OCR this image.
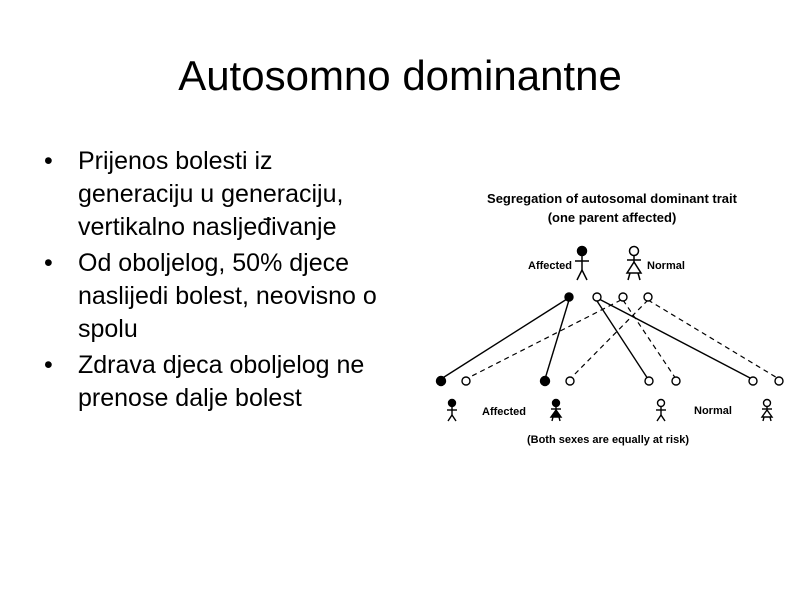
Autosomno dominantne
• Prijenos bolesti iz generaciju u generaciju, vertikalno nasljeđivanje
• Od oboljelog, 50% djece naslijedi bolest, neovisno o spolu
• Zdrava djeca oboljelog ne prenose dalje bolest
Segregation of autosomal dominant trait
(one parent affected)
Affected	Normal
Affected	Normal
(Both sexes are equally at risk)
